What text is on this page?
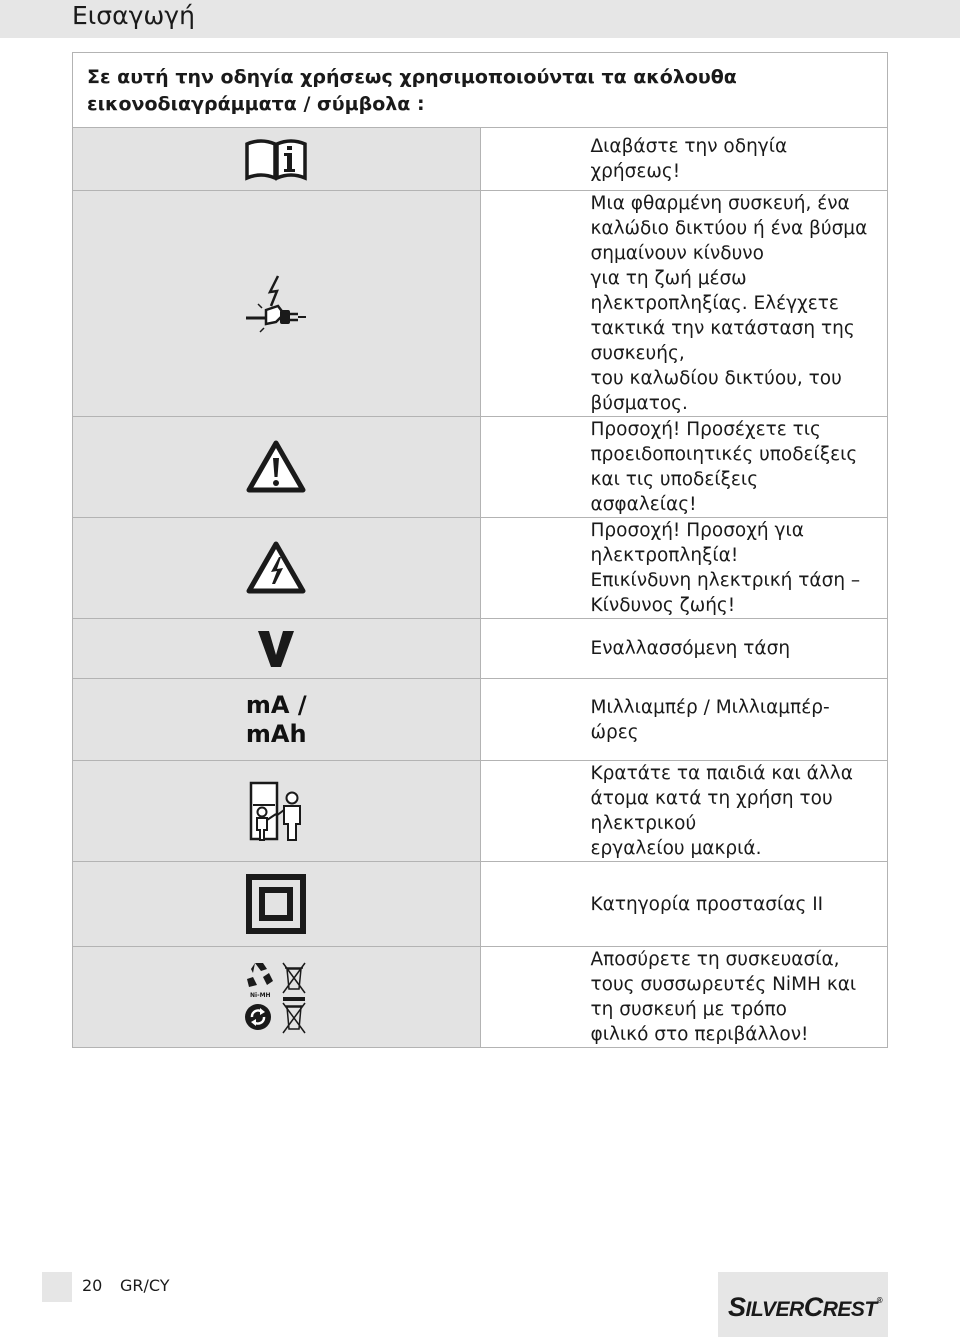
Εισαγωγή
Σε αυτή την οδηγία χρήσεως χρησιμοποιούνται τα ακόλουθα εικονοδιαγράμματα / σύμβολα :	

Διαβάστε την οδηγία χρήσεως!

Μια φθαρμένη συσκευή, ένα καλώδιο δικτύου ή ένα βύσμα σημαίνουν κίνδυνο
για τη ζωή μέσω ηλεκτροπληξίας. Ελέγχετε τακτικά την κατάσταση της συσκευής,
του καλωδίου δικτύου, του βύσματος.

Προσοχή! Προσέχετε τις προειδοποιητικές υποδείξεις και τις υποδείξεις
ασφαλείας!

Προσοχή! Προσοχή για ηλεκτροπληξία!
Επικίνδυνη ηλεκτρική τάση – Κίνδυνος ζωής!

Εναλλασσόμενη τάση

mA /
mAh	Μιλλιαμπέρ / Μιλλιαμπέρ-ώρες

Κρατάτε τα παιδιά και άλλα άτομα κατά τη χρήση του ηλεκτρικού
εργαλείου μακριά.

Κατηγορία προστασίας II

Ni-MH	Αποσύρετε τη συσκευασία, τους συσσωρευτές NiMH και τη συσκευή με τρόπο
φιλικό στο περιβάλλον!
20 GR/CY
SILVERCREST®
